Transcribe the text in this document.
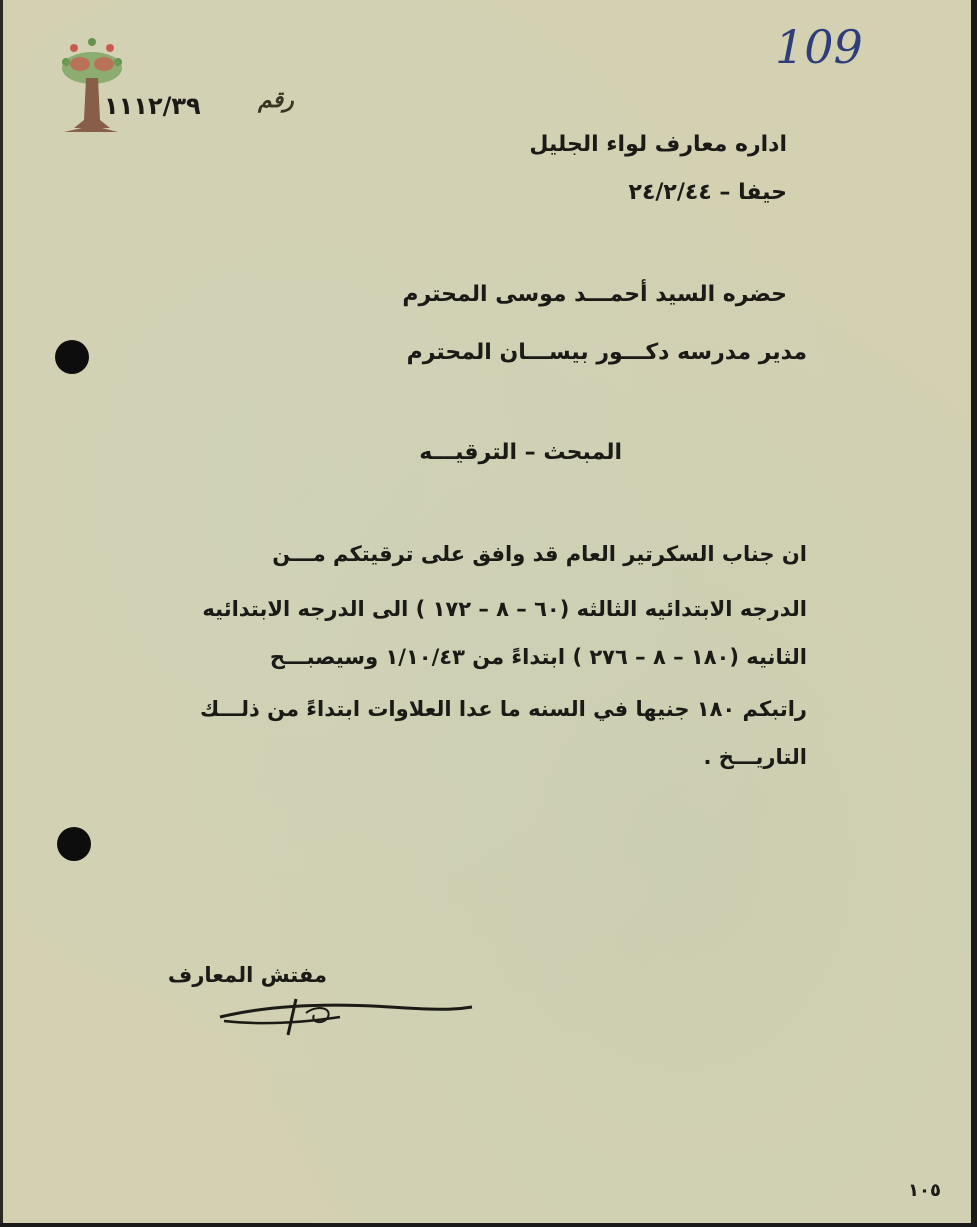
109
رقم
١١١٢/٣٩
اداره معارف لواء الجليل
حيفا – ٢٤/٢/٤٤
حضره السيد أحمـــد موسى المحترم
مدير مدرسه دكـــور بيســـان المحترم
المبحث – الترقيـــه
ان جناب السكرتير العام قد وافق على ترقيتكم مـــن
الدرجه الابتدائيه الثالثه (٦٠ – ٨ – ١٧٢ ) الى الدرجه الابتدائيه
الثانيه (١٨٠ – ٨ – ٢٧٦ ) ابتداءً من ١/١٠/٤٣ وسيصبـــح
راتبكم ١٨٠ جنيها في السنه ما عدا العلاوات ابتداءً من ذلـــك
التاريـــخ .
مفتش المعارف
١٠٥
